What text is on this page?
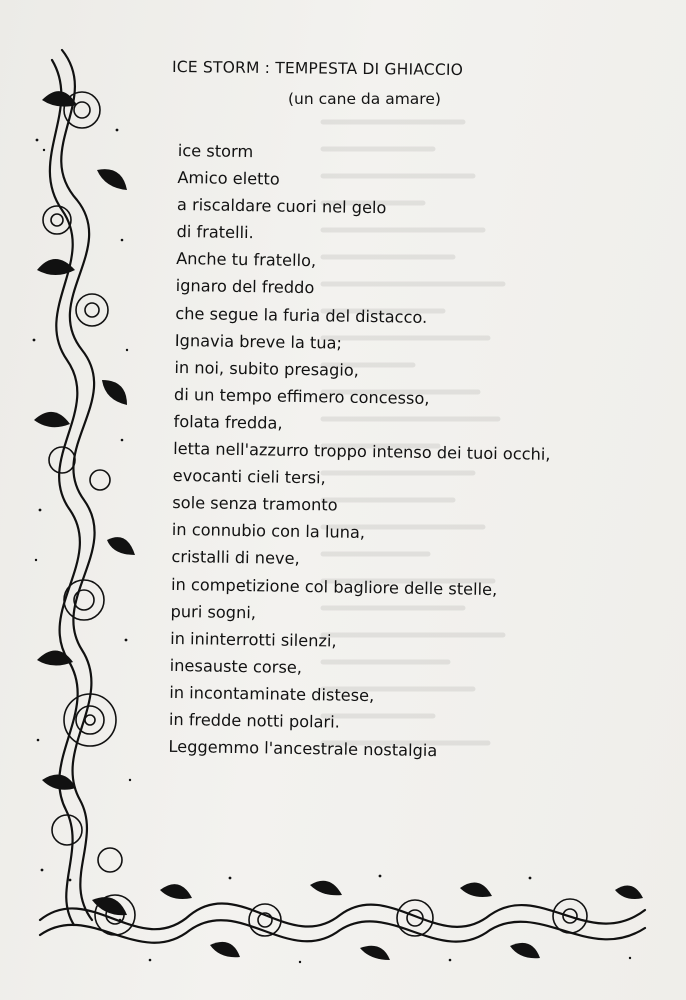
ICE STORM : TEMPESTA DI GHIACCIO
(un cane da amare)
ice storm
Amico eletto
a riscaldare cuori nel gelo
di fratelli.
Anche tu fratello,
ignaro del freddo
che segue la furia del distacco.
Ignavia breve la tua;
in noi, subito presagio,
di un tempo effimero concesso,
folata fredda,
letta nell'azzurro troppo intenso dei tuoi occhi,
evocanti cieli tersi,
sole senza tramonto
in connubio con la luna,
cristalli di neve,
in competizione col bagliore delle stelle,
puri sogni,
in ininterrotti silenzi,
inesauste corse,
in incontaminate distese,
in fredde notti polari.
Leggemmo l'ancestrale nostalgia
